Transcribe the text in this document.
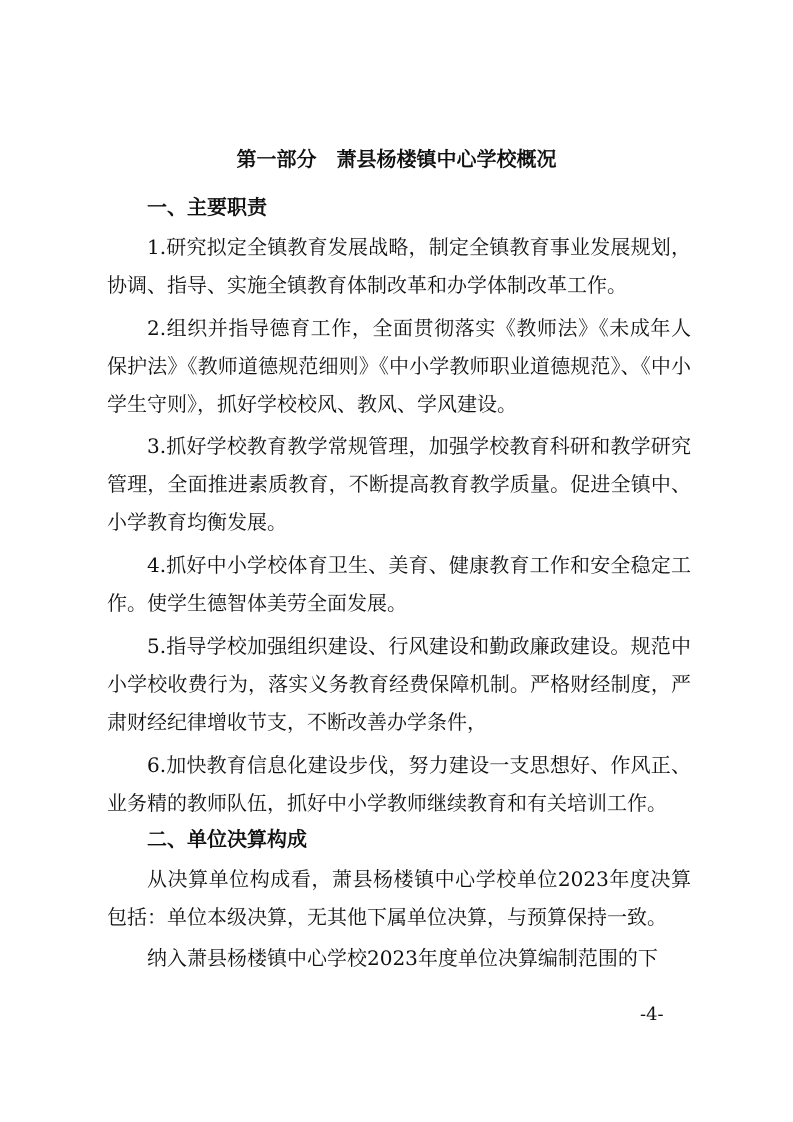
第一部分　萧县杨楼镇中心学校概况
一、主要职责

1.研究拟定全镇教育发展战略，制定全镇教育事业发展规划，协调、指导、实施全镇教育体制改革和办学体制改革工作。

2.组织并指导德育工作，全面贯彻落实《教师法》《未成年人保护法》《教师道德规范细则》《中小学教师职业道德规范》、《中小学生守则》，抓好学校校风、教风、学风建设。

3.抓好学校教育教学常规管理，加强学校教育科研和教学研究管理，全面推进素质教育，不断提高教育教学质量。促进全镇中、小学教育均衡发展。

4.抓好中小学校体育卫生、美育、健康教育工作和安全稳定工作。使学生德智体美劳全面发展。

5.指导学校加强组织建设、行风建设和勤政廉政建设。规范中小学校收费行为，落实义务教育经费保障机制。严格财经制度，严肃财经纪律增收节支，不断改善办学条件，

6.加快教育信息化建设步伐，努力建设一支思想好、作风正、业务精的教师队伍，抓好中小学教师继续教育和有关培训工作。

二、单位决算构成

从决算单位构成看，萧县杨楼镇中心学校单位2023年度决算包括：单位本级决算，无其他下属单位决算，与预算保持一致。

纳入萧县杨楼镇中心学校2023年度单位决算编制范围的下

-4-
